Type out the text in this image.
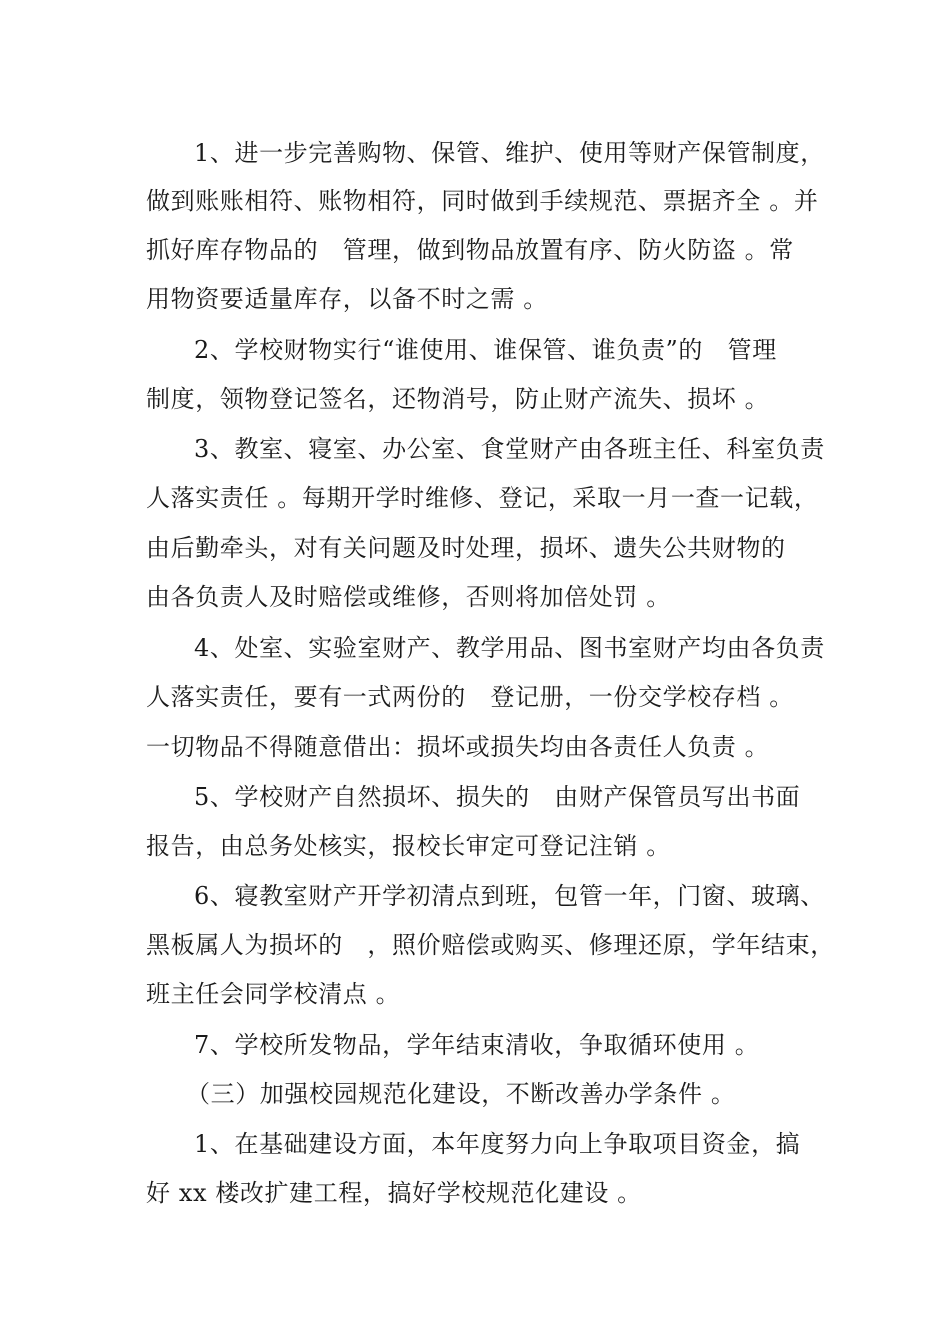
1、进一步完善购物、保管、维护、使用等财产保管制度，
做到账账相符、账物相符，同时做到手续规范、票据齐全 。并
抓好库存物品的　管理，做到物品放置有序、防火防盗 。常
用物资要适量库存，以备不时之需 。
2、学校财物实行“谁使用、谁保管、谁负责”的　管理
制度，领物登记签名，还物消号，防止财产流失、损坏 。
3、教室、寝室、办公室、食堂财产由各班主任、科室负责
人落实责任 。每期开学时维修、登记，采取一月一查一记载，
由后勤牵头，对有关问题及时处理，损坏、遗失公共财物的
由各负责人及时赔偿或维修，否则将加倍处罚 。
4、处室、实验室财产、教学用品、图书室财产均由各负责
人落实责任，要有一式两份的　登记册，一份交学校存档 。
一切物品不得随意借出：损坏或损失均由各责任人负责 。
5、学校财产自然损坏、损失的　由财产保管员写出书面
报告，由总务处核实，报校长审定可登记注销 。
6、寝教室财产开学初清点到班，包管一年，门窗、玻璃、
黑板属人为损坏的　，照价赔偿或购买、修理还原，学年结束，
班主任会同学校清点 。
7、学校所发物品，学年结束清收，争取循环使用 。
（三）加强校园规范化建设，不断改善办学条件 。
1、在基础建设方面，本年度努力向上争取项目资金，搞
好 xx 楼改扩建工程，搞好学校规范化建设 。
